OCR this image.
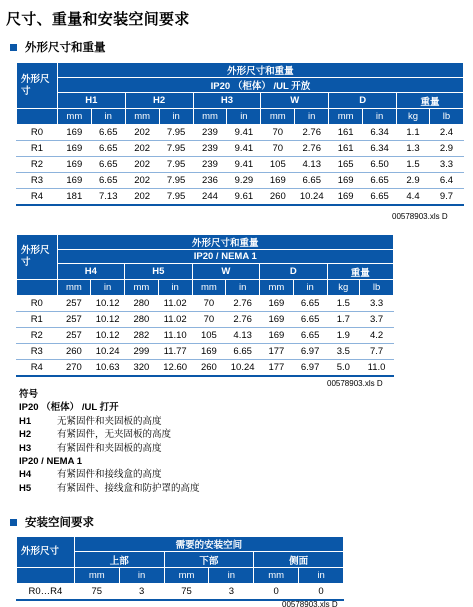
尺寸、重量和安装空间要求
外形尺寸和重量
外形尺寸	外形尺寸和重量											
	IP20 （柜体） /UL 开放											
	H1		H2		H3		W		D		重量	
	mm	in	mm	in	mm	in	mm	in	mm	in	kg	lb
R0	169	6.65	202	7.95	239	9.41	70	2.76	161	6.34	1.1	2.4
R1	169	6.65	202	7.95	239	9.41	70	2.76	161	6.34	1.3	2.9
R2	169	6.65	202	7.95	239	9.41	105	4.13	165	6.50	1.5	3.3
R3	169	6.65	202	7.95	236	9.29	169	6.65	169	6.65	2.9	6.4
R4	181	7.13	202	7.95	244	9.61	260	10.24	169	6.65	4.4	9.7
00578903.xls D
外形尺寸	外形尺寸和重量									
	IP20 / NEMA 1									
	H4		H5		W		D		重量	
	mm	in	mm	in	mm	in	mm	in	kg	lb
R0	257	10.12	280	11.02	70	2.76	169	6.65	1.5	3.3
R1	257	10.12	280	11.02	70	2.76	169	6.65	1.7	3.7
R2	257	10.12	282	11.10	105	4.13	169	6.65	1.9	4.2
R3	260	10.24	299	11.77	169	6.65	177	6.97	3.5	7.7
R4	270	10.63	320	12.60	260	10.24	177	6.97	5.0	11.0
00578903.xls D
符号
IP20 （柜体） /UL 打开
H1	无紧固件和夹固板的高度
H2	有紧固件，无夹固板的高度
H3	有紧固件和夹固板的高度
IP20 / NEMA 1
H4	有紧固件和接线盒的高度
H5	有紧固件、接线盒和防护罩的高度
安装空间要求
外形尺寸	需要的安装空间					
	上部		下部		侧面	
	mm	in	mm	in	mm	in
R0…R4	75	3	75	3	0	0
00578903.xls D
